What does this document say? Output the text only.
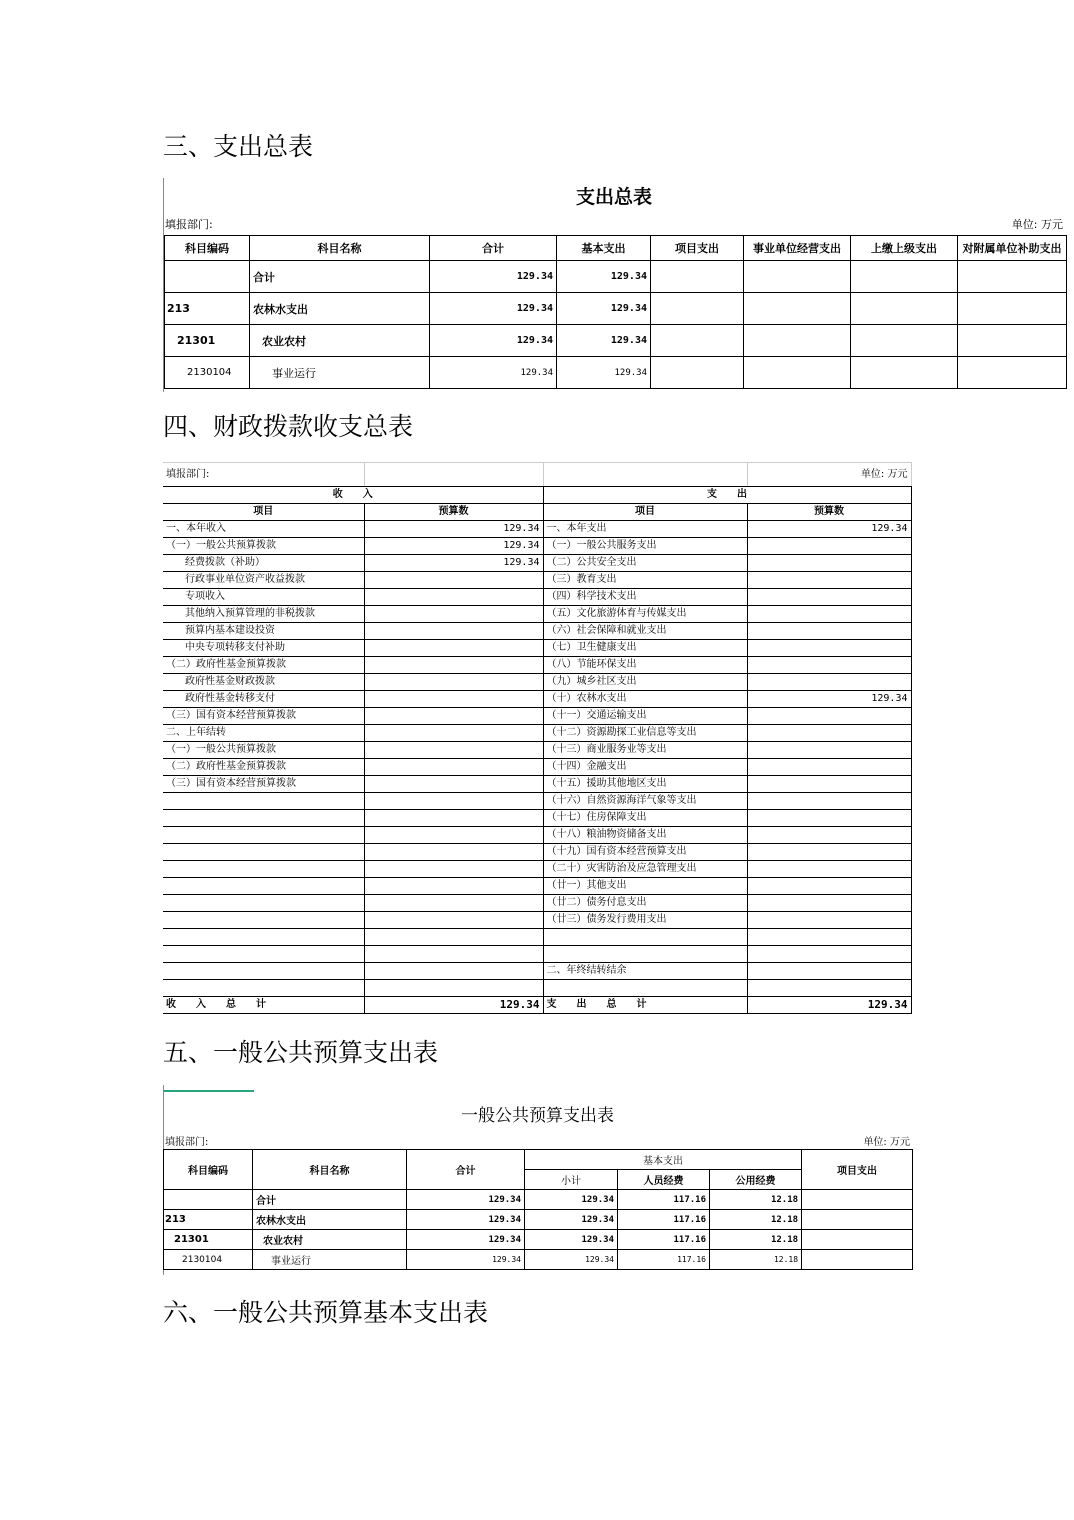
三、支出总表
支出总表
填报部门:	单位: 万元
科目编码	科目名称	合计	基本支出	项目支出	事业单位经营支出	上缴上级支出	对附属单位补助支出
	合计	129.34	129.34				
213	农林水支出	129.34	129.34				
21301	农业农村	129.34	129.34				
2130104	事业运行	129.34	129.34				
四、财政拨款收支总表
填报部门:			单位: 万元
收　　入		支　　出	
项目	预算数	项目	预算数
一、本年收入	129.34	一、本年支出	129.34
（一）一般公共预算拨款	129.34	（一）一般公共服务支出	
经费拨款（补助）	129.34	（二）公共安全支出	
行政事业单位资产收益拨款		（三）教育支出	
专项收入		（四）科学技术支出	
其他纳入预算管理的非税拨款		（五）文化旅游体育与传媒支出	
预算内基本建设投资		（六）社会保障和就业支出	
中央专项转移支付补助		（七）卫生健康支出	
（二）政府性基金预算拨款		（八）节能环保支出	
政府性基金财政拨款		（九）城乡社区支出	
政府性基金转移支付		（十）农林水支出	129.34
（三）国有资本经营预算拨款		（十一）交通运输支出	
二、上年结转		（十二）资源勘探工业信息等支出	
（一）一般公共预算拨款		（十三）商业服务业等支出	
（二）政府性基金预算拨款		（十四）金融支出	
（三）国有资本经营预算拨款		（十五）援助其他地区支出	
		（十六）自然资源海洋气象等支出	
		（十七）住房保障支出	
		（十八）粮油物资储备支出	
		（十九）国有资本经营预算支出	
		（二十）灾害防治及应急管理支出	
		（廿一）其他支出	
		（廿二）债务付息支出	
		（廿三）债务发行费用支出	

		二、年终结转结余	

收　　入　　总　　计	129.34	支　　出　　总　　计	129.34
五、一般公共预算支出表
一般公共预算支出表
填报部门:	单位: 万元
科目编码	科目名称	合计	基本支出			项目支出
			小计	人员经费	公用经费	
	合计	129.34	129.34	117.16	12.18	
213	农林水支出	129.34	129.34	117.16	12.18	
21301	农业农村	129.34	129.34	117.16	12.18	
2130104	事业运行	129.34	129.34	117.16	12.18	
六、一般公共预算基本支出表
